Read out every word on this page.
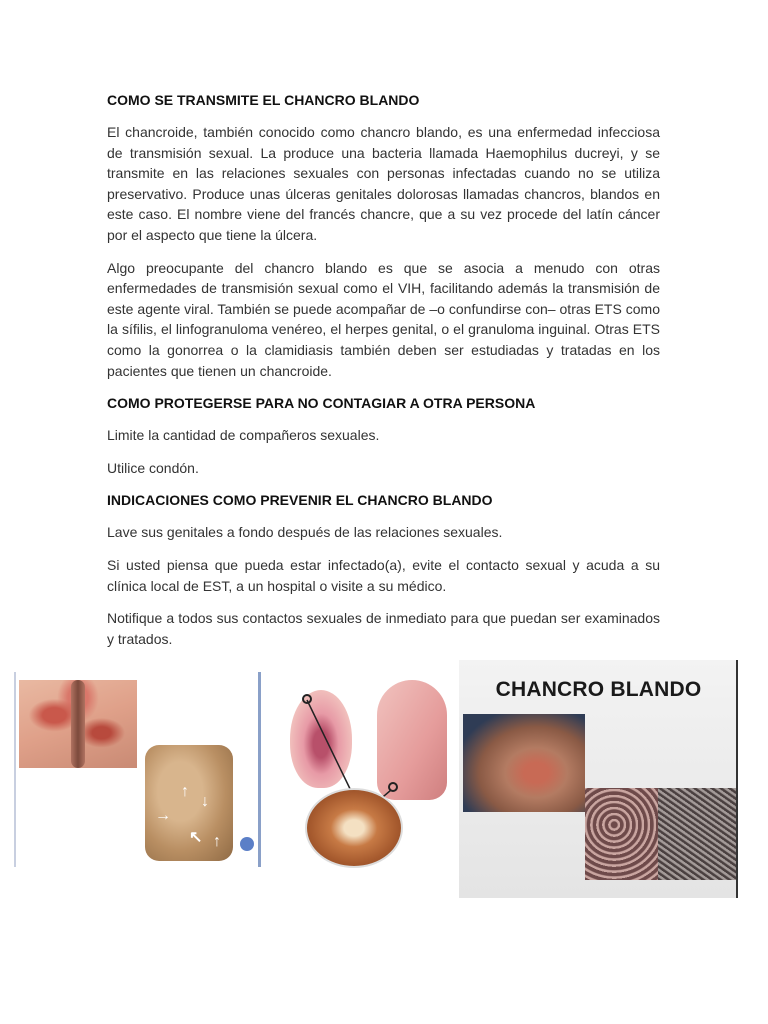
COMO SE TRANSMITE EL CHANCRO BLANDO

El chancroide, también conocido como chancro blando, es una enfermedad infecciosa de transmisión sexual. La produce una bacteria llamada Haemophilus ducreyi, y se transmite en las relaciones sexuales con personas infectadas cuando no se utiliza preservativo. Produce unas úlceras genitales dolorosas llamadas chancros, blandos en este caso. El nombre viene del francés chancre, que a su vez procede del latín cáncer por el aspecto que tiene la úlcera.

Algo preocupante del chancro blando es que se asocia a menudo con otras enfermedades de transmisión sexual como el VIH, facilitando además la transmisión de este agente viral. También se puede acompañar de –o confundirse con– otras ETS como la sífilis, el linfogranuloma venéreo, el herpes genital, o el granuloma inguinal. Otras ETS como la gonorrea o la clamidiasis también deben ser estudiadas y tratadas en los pacientes que tienen un chancroide.

COMO PROTEGERSE PARA NO CONTAGIAR A OTRA PERSONA

Limite la cantidad de compañeros sexuales.

Utilice condón.

INDICACIONES COMO PREVENIR EL CHANCRO BLANDO

Lave sus genitales a fondo después de las relaciones sexuales.

Si usted piensa que pueda estar infectado(a), evite el contacto sexual y acuda a su clínica local de EST, a un hospital o visite a su médico.

Notifique a todos sus contactos sexuales de inmediato para que puedan ser examinados y tratados.

↑
↓
→
↖ ↑
CHANCRO BLANDO
